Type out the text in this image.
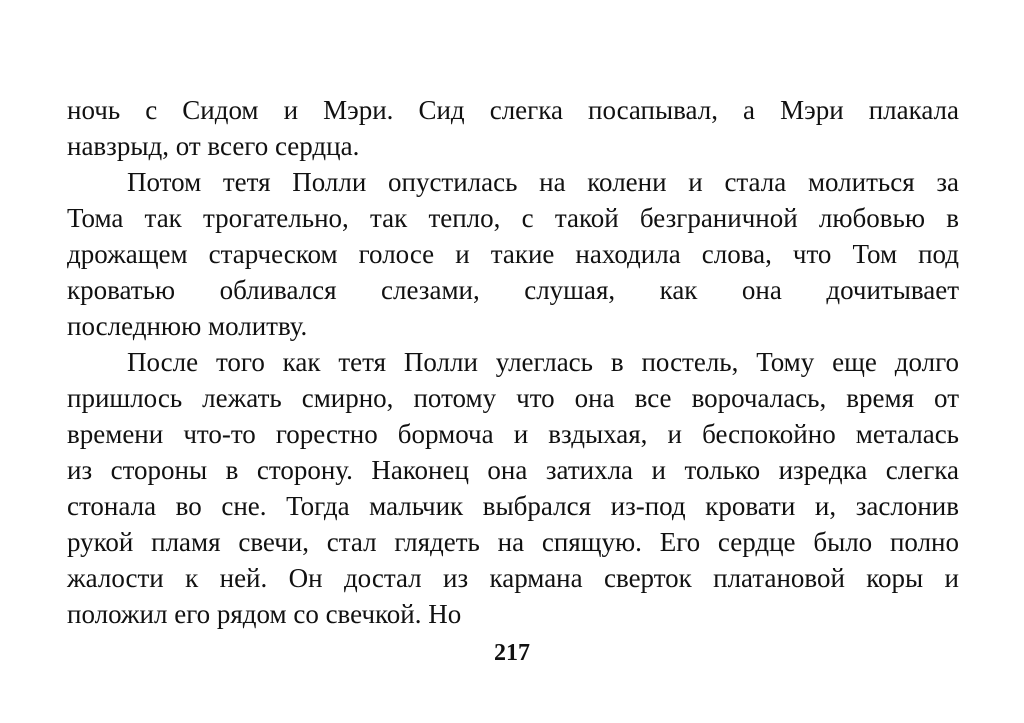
ночь с Сидом и Мэри. Сид слегка посапывал, а Мэри плакала
навзрыд, от всего сердца.
Потом тетя Полли опустилась на колени и стала молиться за
Тома так трогательно, так тепло, с такой безграничной любовью в
дрожащем старческом голосе и такие находила слова, что Том под
кроватью обливался слезами, слушая, как она дочитывает
последнюю молитву.
После того как тетя Полли улеглась в постель, Тому еще долго
пришлось лежать смирно, потому что она все ворочалась, время от
времени что-то горестно бормоча и вздыхая, и беспокойно металась
из стороны в сторону. Наконец она затихла и только изредка слегка
стонала во сне. Тогда мальчик выбрался из-под кровати и, заслонив
рукой пламя свечи, стал глядеть на спящую. Его сердце было полно
жалости к ней. Он достал из кармана сверток платановой коры и
положил его рядом со свечкой. Но
217
